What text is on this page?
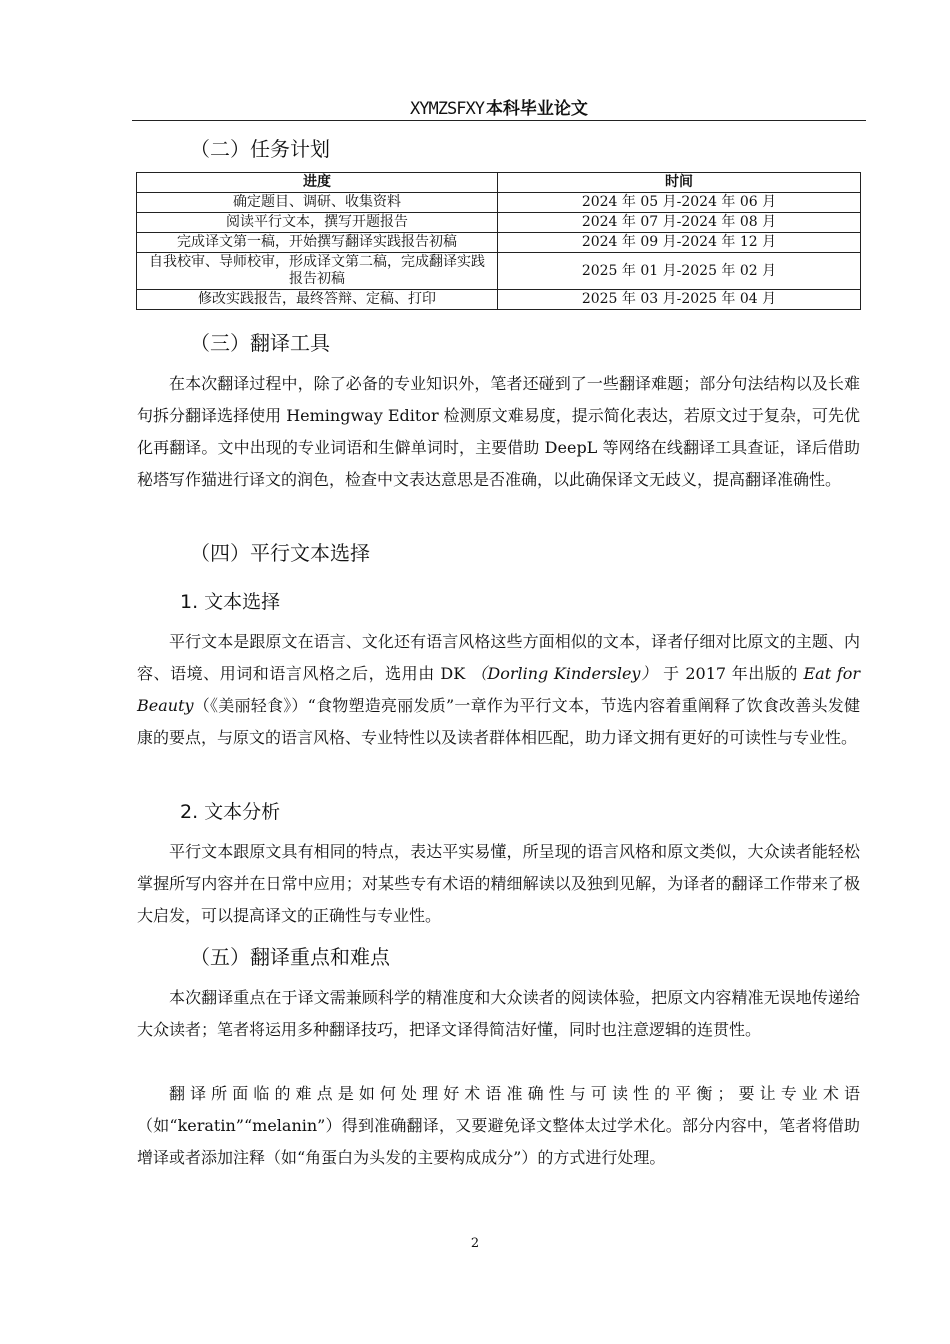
XYMZSFXY 本科毕业论文
（二）任务计划
进度	时间
确定题目、调研、收集资料	2024 年 05 月-2024 年 06 月
阅读平行文本，撰写开题报告	2024 年 07 月-2024 年 08 月
完成译文第一稿，开始撰写翻译实践报告初稿	2024 年 09 月-2024 年 12 月
自我校审、导师校审，形成译文第二稿，完成翻译实践报告初稿	2025 年 01 月-2025 年 02 月
修改实践报告，最终答辩、定稿、打印	2025 年 03 月-2025 年 04 月
（三）翻译工具

在本次翻译过程中，除了必备的专业知识外，笔者还碰到了一些翻译难题；部分句法结构以及长难句拆分翻译选择使用 Hemingway Editor 检测原文难易度，提示简化表达，若原文过于复杂，可先优化再翻译。文中出现的专业词语和生僻单词时，主要借助 DeepL 等网络在线翻译工具查证，译后借助秘塔写作猫进行译文的润色，检查中文表达意思是否准确，以此确保译文无歧义，提高翻译准确性。

（四）平行文本选择
1. 文本选择

平行文本是跟原文在语言、文化还有语言风格这些方面相似的文本，译者仔细对比原文的主题、内容、语境、用词和语言风格之后，选用由 DK （Dorling Kindersley） 于 2017 年出版的 Eat for Beauty（《美丽轻食》）“食物塑造亮丽发质”一章作为平行文本，节选内容着重阐释了饮食改善头发健康的要点，与原文的语言风格、专业特性以及读者群体相匹配，助力译文拥有更好的可读性与专业性。

2. 文本分析

平行文本跟原文具有相同的特点，表达平实易懂，所呈现的语言风格和原文类似，大众读者能轻松掌握所写内容并在日常中应用；对某些专有术语的精细解读以及独到见解，为译者的翻译工作带来了极大启发，可以提高译文的正确性与专业性。

（五）翻译重点和难点

本次翻译重点在于译文需兼顾科学的精准度和大众读者的阅读体验，把原文内容精准无误地传递给大众读者；笔者将运用多种翻译技巧，把译文译得简洁好懂，同时也注意逻辑的连贯性。

翻译所面临的难点是如何处理好术语准确性与可读性的平衡；要让专业术语（如“keratin”“melanin”）得到准确翻译，又要避免译文整体太过学术化。部分内容中，笔者将借助增译或者添加注释（如“角蛋白为头发的主要构成成分”）的方式进行处理。

2
